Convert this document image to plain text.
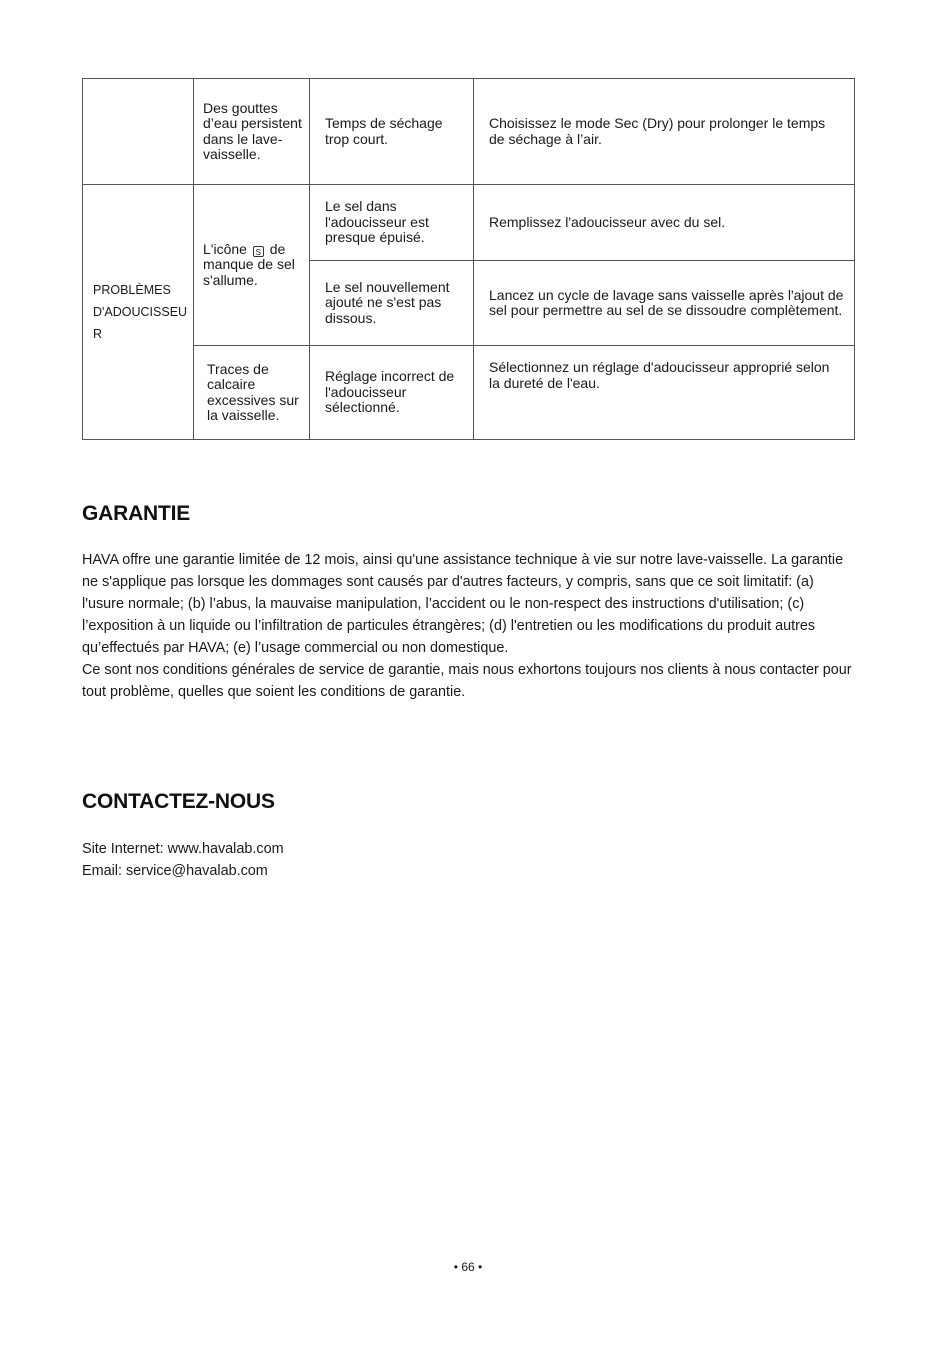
	Des gouttes d’eau persistent dans le lave-vaisselle.	Temps de séchage trop court.	Choisissez le mode Sec (Dry) pour prolonger le temps de séchage à l’air.

PROBLÈMES D'ADOUCISSEUR	L'icône S de manque de sel s'allume.	Le sel dans l'adoucisseur est presque épuisé.	Remplissez l'adoucisseur avec du sel.

		Le sel nouvellement ajouté ne s'est pas dissous.	Lancez un cycle de lavage sans vaisselle après l'ajout de sel pour permettre au sel de se dissoudre complètement.

	Traces de calcaire excessives sur la vaisselle.	Réglage incorrect de l'adoucisseur sélectionné.	Sélectionnez un réglage d'adoucisseur approprié selon la dureté de l'eau.
GARANTIE

HAVA offre une garantie limitée de 12 mois, ainsi qu'une assistance technique à vie sur notre lave-vaisselle. La garantie ne s'applique pas lorsque les dommages sont causés par d'autres facteurs, y compris, sans que ce soit limitatif: (a) l'usure normale; (b) l’abus, la mauvaise manipulation, l’accident ou le non-respect des instructions d'utilisation; (c) l’exposition à un liquide ou l’infiltration de particules étrangères; (d) l'entretien ou les modifications du produit autres qu’effectués par HAVA; (e) l’usage commercial ou non domestique.

Ce sont nos conditions générales de service de garantie, mais nous exhortons toujours nos clients à nous contacter pour tout problème, quelles que soient les conditions de garantie.

CONTACTEZ-NOUS

Site Internet: www.havalab.com

Email: service@havalab.com

• 66 •
